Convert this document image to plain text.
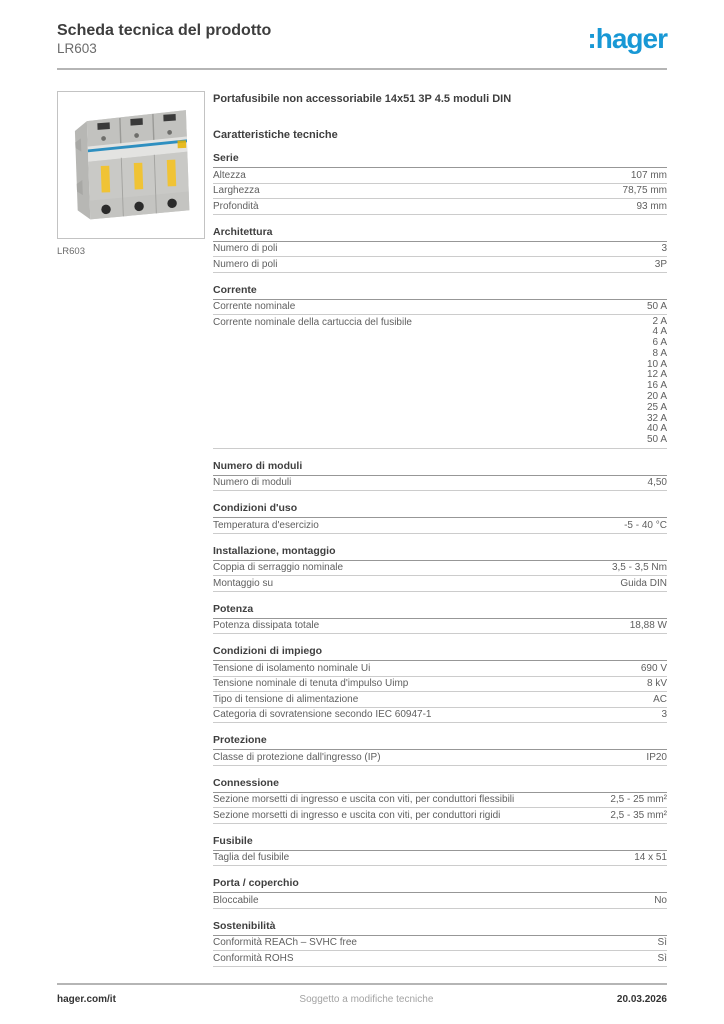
Scheda tecnica del prodotto
LR603	:hager
LR603
Portafusibile non accessoriabile 14x51 3P 4.5 moduli DIN
Caratteristiche tecniche
Serie
Altezza	107 mm
Larghezza	78,75 mm
Profondità	93 mm
Architettura
Numero di poli	3
Numero di poli	3P
Corrente
Corrente nominale	50 A
Corrente nominale della cartuccia del fusibile	2 A
4 A
6 A
8 A
10 A
12 A
16 A
20 A
25 A
32 A
40 A
50 A
Numero di moduli
Numero di moduli	4,50
Condizioni d'uso
Temperatura d'esercizio	-5 - 40 °C
Installazione, montaggio
Coppia di serraggio nominale	3,5 - 3,5 Nm
Montaggio su	Guida DIN
Potenza
Potenza dissipata totale	18,88 W
Condizioni di impiego
Tensione di isolamento nominale Ui	690 V
Tensione nominale di tenuta d'impulso Uimp	8 kV
Tipo di tensione di alimentazione	AC
Categoria di sovratensione secondo IEC 60947-1	3
Protezione
Classe di protezione dall'ingresso (IP)	IP20
Connessione
Sezione morsetti di ingresso e uscita con viti, per conduttori flessibili	2,5 - 25 mm²
Sezione morsetti di ingresso e uscita con viti, per conduttori rigidi	2,5 - 35 mm²
Fusibile
Taglia del fusibile	14 x 51
Porta / coperchio
Bloccabile	No
Sostenibilità
Conformità REACh – SVHC free	Sì
Conformità ROHS	Sì
hager.com/it	Soggetto a modifiche tecniche	20.03.2026
